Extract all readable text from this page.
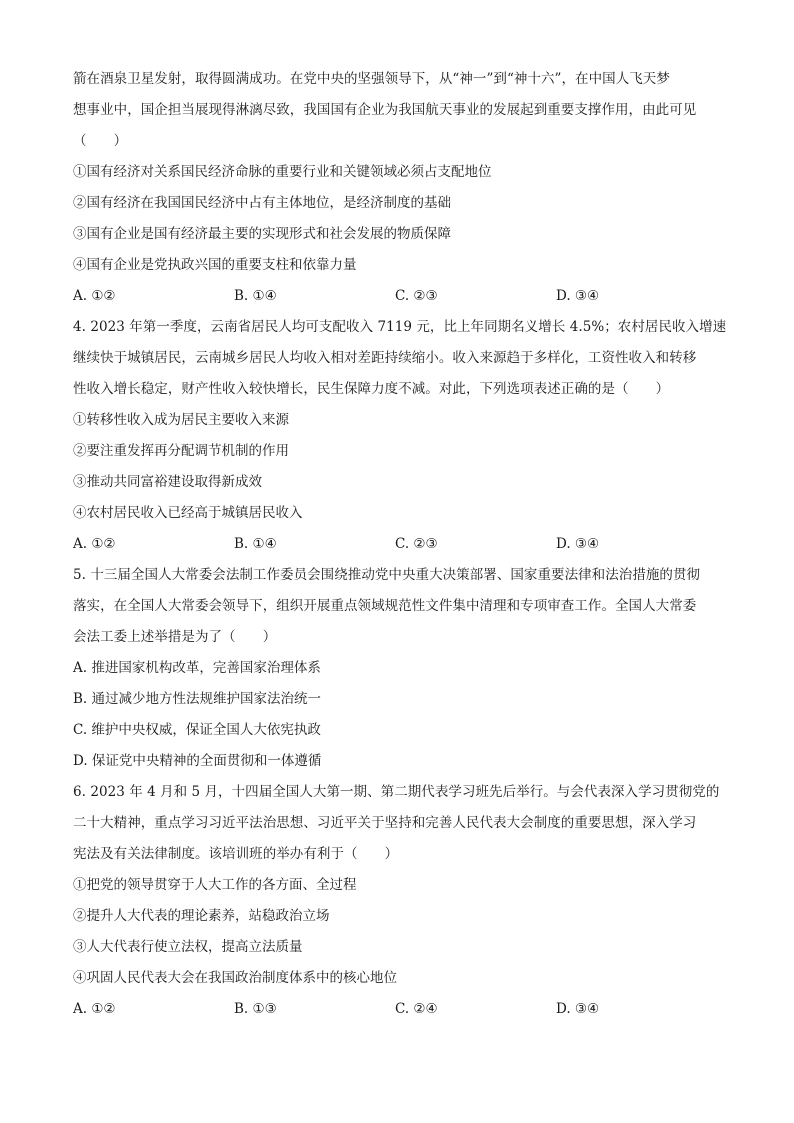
箭在酒泉卫星发射，取得圆满成功。在党中央的坚强领导下，从“神一”到“神十六”，在中国人飞天梦
想事业中，国企担当展现得淋漓尽致，我国国有企业为我国航天事业的发展起到重要支撑作用，由此可见
（　　）
①国有经济对关系国民经济命脉的重要行业和关键领域必须占支配地位
②国有经济在我国国民经济中占有主体地位，是经济制度的基础
③国有企业是国有经济最主要的实现形式和社会发展的物质保障
④国有企业是党执政兴国的重要支柱和依靠力量
A. ①②	B. ①④	C. ②③	D. ③④
4. 2023 年第一季度，云南省居民人均可支配收入 7119 元，比上年同期名义增长 4.5%；农村居民收入增速
继续快于城镇居民，云南城乡居民人均收入相对差距持续缩小。收入来源趋于多样化，工资性收入和转移
性收入增长稳定，财产性收入较快增长，民生保障力度不减。对此，下列选项表述正确的是（　　）
①转移性收入成为居民主要收入来源
②要注重发挥再分配调节机制的作用
③推动共同富裕建设取得新成效
④农村居民收入已经高于城镇居民收入
A. ①②	B. ①④	C. ②③	D. ③④
5. 十三届全国人大常委会法制工作委员会围绕推动党中央重大决策部署、国家重要法律和法治措施的贯彻
落实，在全国人大常委会领导下，组织开展重点领域规范性文件集中清理和专项审查工作。全国人大常委
会法工委上述举措是为了（　　）
A. 推进国家机构改革，完善国家治理体系
B. 通过减少地方性法规维护国家法治统一
C. 维护中央权威，保证全国人大依宪执政
D. 保证党中央精神的全面贯彻和一体遵循
6. 2023 年 4 月和 5 月，十四届全国人大第一期、第二期代表学习班先后举行。与会代表深入学习贯彻党的
二十大精神，重点学习习近平法治思想、习近平关于坚持和完善人民代表大会制度的重要思想，深入学习
宪法及有关法律制度。该培训班的举办有利于（　　）
①把党的领导贯穿于人大工作的各方面、全过程
②提升人大代表的理论素养，站稳政治立场
③人大代表行使立法权，提高立法质量
④巩固人民代表大会在我国政治制度体系中的核心地位
A. ①②	B. ①③	C. ②④	D. ③④
